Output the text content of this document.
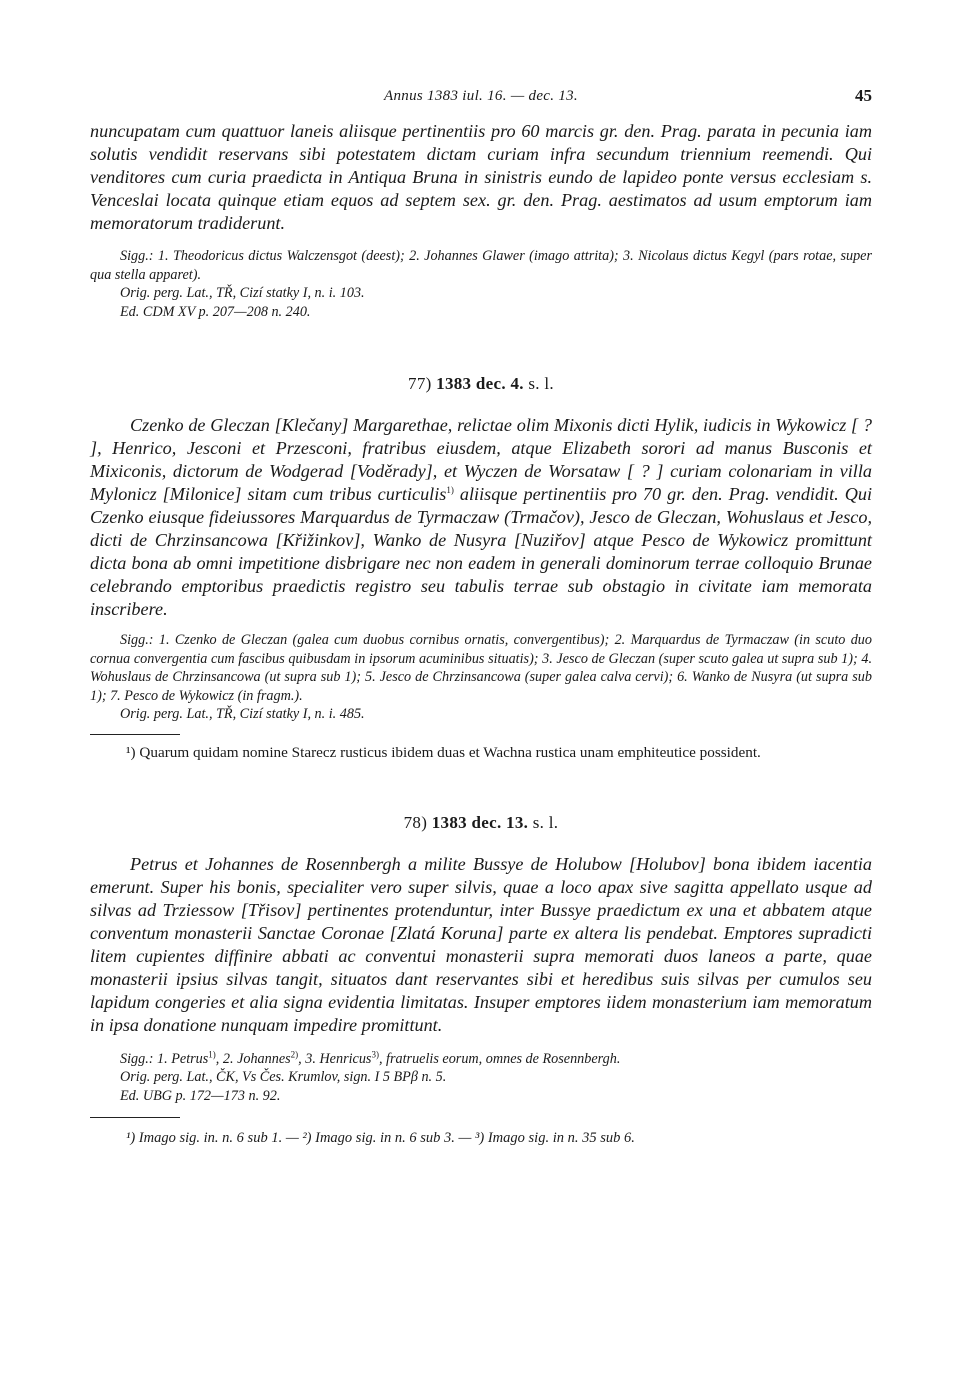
Annus 1383 iul. 16. — dec. 13.	45

nuncupatam cum quattuor laneis aliisque pertinentiis pro 60 marcis gr. den. Prag. parata in pecunia iam solutis vendidit reservans sibi potestatem dictam curiam infra secundum triennium reemendi. Qui venditores cum curia praedicta in Antiqua Bruna in sinistris eundo de lapideo ponte versus ecclesiam s. Venceslai locata quinque etiam equos ad septem sex. gr. den. Prag. aestimatos ad usum emptorum iam memoratorum tradiderunt.

Sigg.: 1. Theodoricus dictus Walczensgot (deest); 2. Johannes Glawer (imago attrita); 3. Nicolaus dictus Kegyl (pars rotae, super qua stella apparet).

Orig. perg. Lat., TŘ, Cizí statky I, n. i. 103.

Ed. CDM XV p. 207—208 n. 240.

77) 1383 dec. 4. s. l.

Czenko de Gleczan [Klečany] Margarethae, relictae olim Mixonis dicti Hylik, iudicis in Wykowicz [ ? ], Henrico, Jesconi et Przesconi, fratribus eiusdem, atque Elizabeth sorori ad manus Busconis et Mixiconis, dictorum de Wodgerad [Voděrady], et Wyczen de Worsataw [ ? ] curiam colonariam in villa Mylonicz [Milonice] sitam cum tribus curticulis$^{1)}$ aliisque pertinentiis pro 70 gr. den. Prag. vendidit. Qui Czenko eiusque fideiussores Marquardus de Tyrmaczaw (Trmačov), Jesco de Gleczan, Wohuslaus et Jesco, dicti de Chrzinsancowa [Křižinkov], Wanko de Nusyra [Nuziřov] atque Pesco de Wykowicz promittunt dicta bona ab omni impetitione disbrigare nec non eadem in generali dominorum terrae colloquio Brunae celebrando emptoribus praedictis registro seu tabulis terrae sub obstagio in civitate iam memorata inscribere.

Sigg.: 1. Czenko de Gleczan (galea cum duobus cornibus ornatis, convergentibus); 2. Marquardus de Tyrmaczaw (in scuto duo cornua convergentia cum fascibus quibusdam in ipsorum acuminibus situatis); 3. Jesco de Gleczan (super scuto galea ut supra sub 1); 4. Wohuslaus de Chrzinsancowa (ut supra sub 1); 5. Jesco de Chrzinsancowa (super galea calva cervi); 6. Wanko de Nusyra (ut supra sub 1); 7. Pesco de Wykowicz (in fragm.).

Orig. perg. Lat., TŘ, Cizí statky I, n. i. 485.

¹) Quarum quidam nomine Starecz rusticus ibidem duas et Wachna rustica unam emphiteutice possident.

78) 1383 dec. 13. s. l.

Petrus et Johannes de Rosennbergh a milite Bussye de Holubow [Holubov] bona ibidem iacentia emerunt. Super his bonis, specialiter vero super silvis, quae a loco apax sive sagitta appellato usque ad silvas ad Trziessow [Třisov] pertinentes protenduntur, inter Bussye praedictum ex una et abbatem atque conventum monasterii Sanctae Coronae [Zlatá Koruna] parte ex altera lis pendebat. Emptores supradicti litem cupientes diffinire abbati ac conventui monasterii supra memorati duos laneos a parte, quae monasterii ipsius silvas tangit, situatos dant reservantes sibi et heredibus suis silvas per cumulos seu lapidum congeries et alia signa evidentia limitatas. Insuper emptores iidem monasterium iam memoratum in ipsa donatione nunquam impedire promittunt.

Sigg.: 1. Petrus$^{1)}$, 2. Johannes$^{2)}$, 3. Henricus$^{3)}$, fratruelis eorum, omnes de Rosennbergh.

Orig. perg. Lat., ČK, Vs Čes. Krumlov, sign. I 5 BPβ n. 5.

Ed. UBG p. 172—173 n. 92.

¹) Imago sig. in. n. 6 sub 1. — ²) Imago sig. in n. 6 sub 3. — ³) Imago sig. in n. 35 sub 6.
